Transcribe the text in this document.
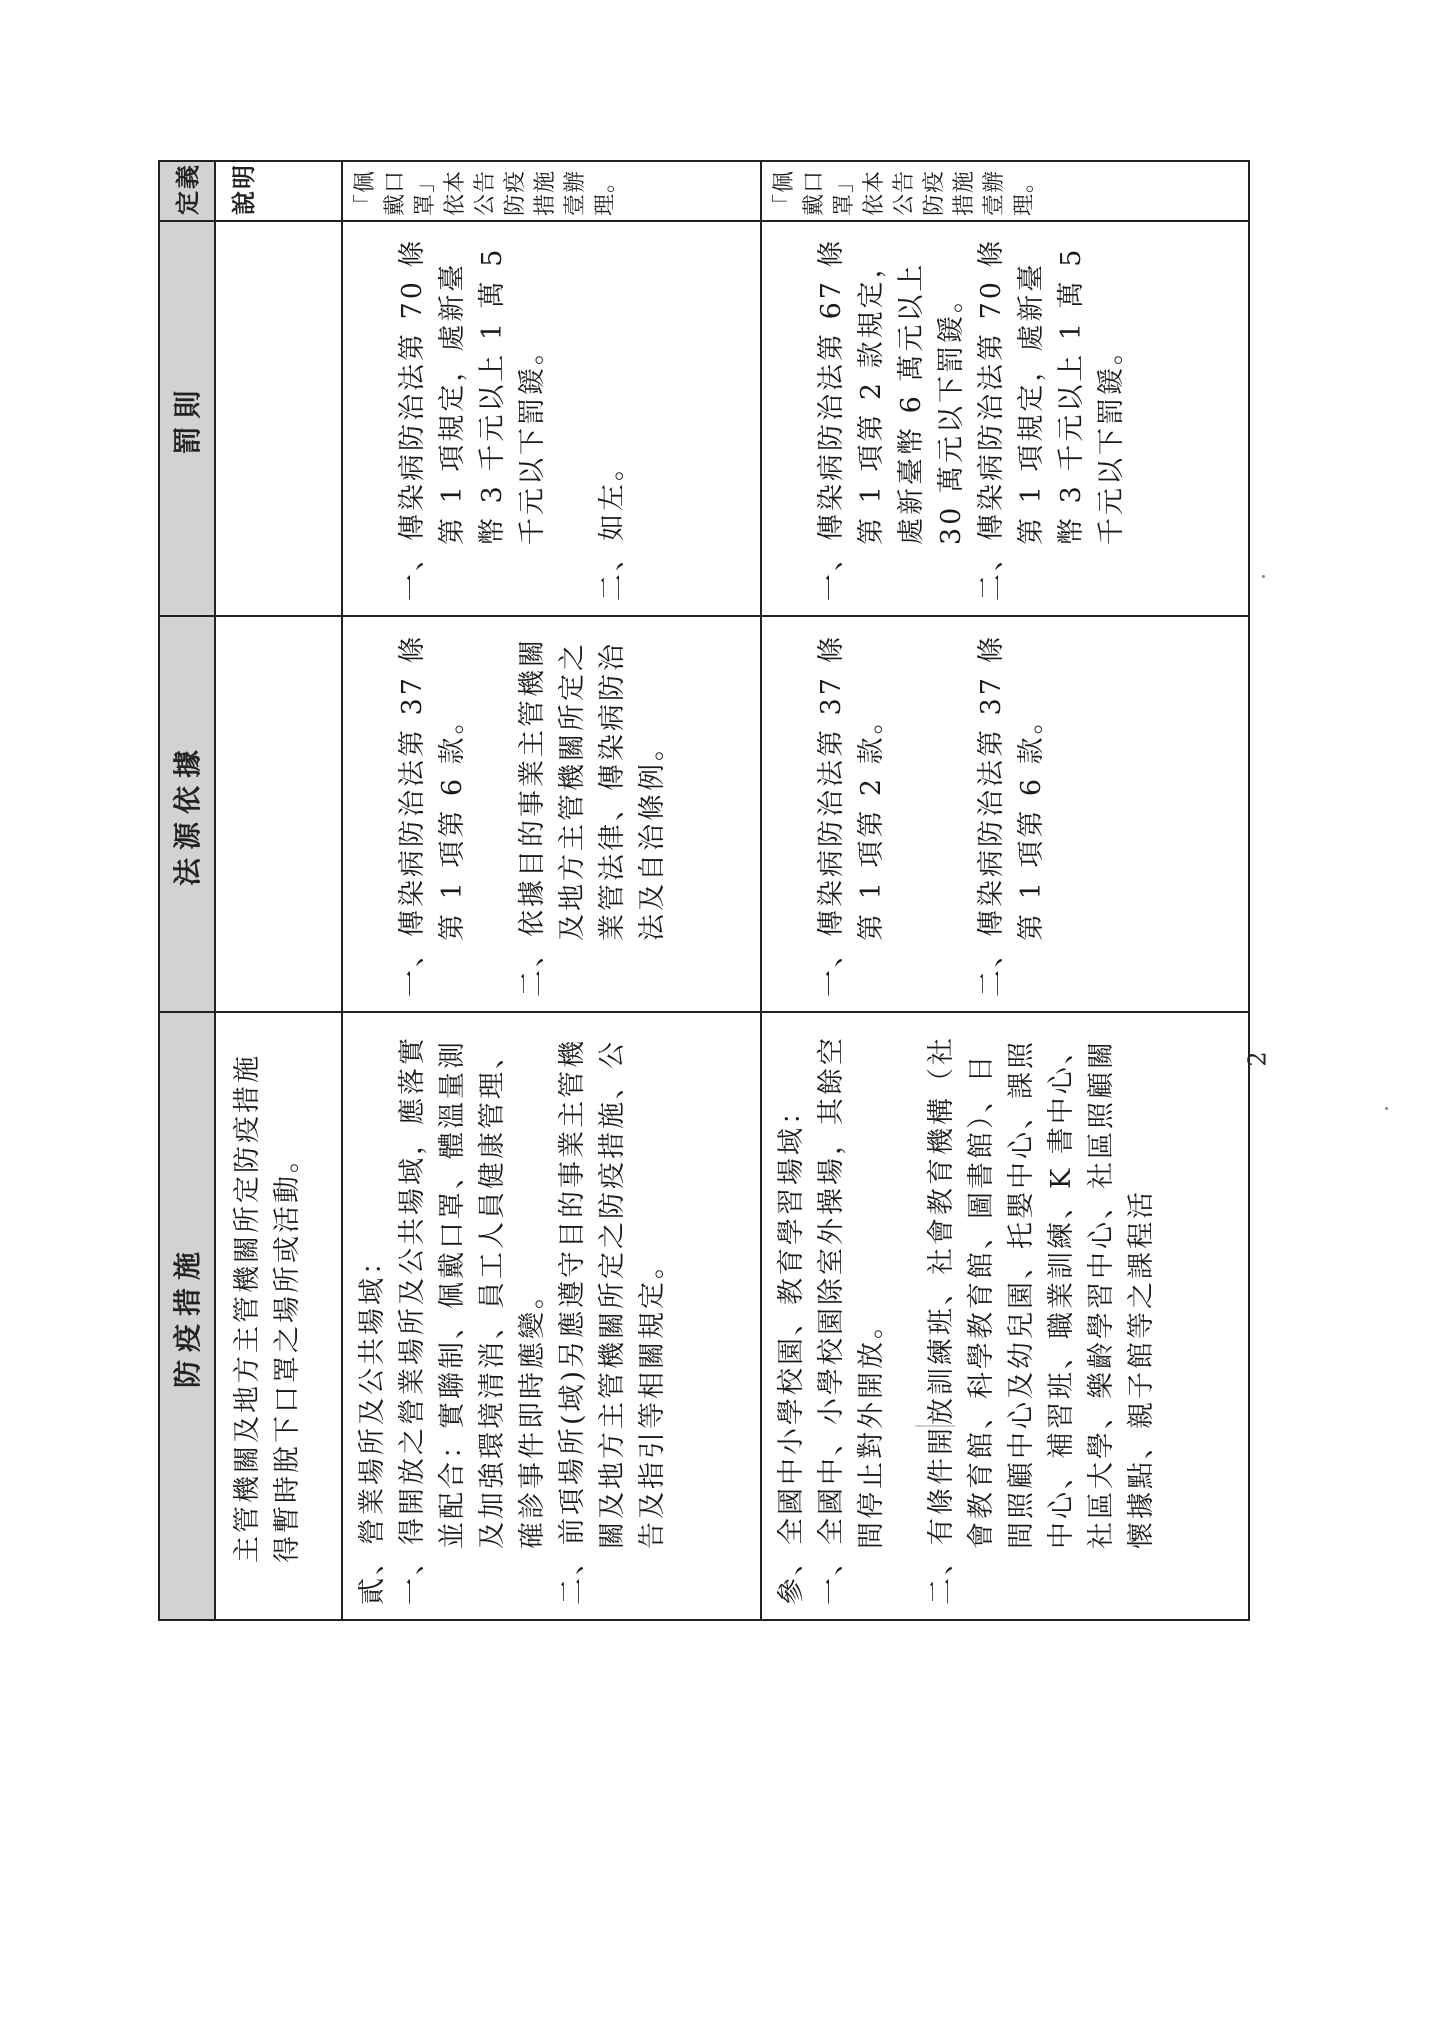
防疫措施
法源依據
罰則
定義說明
主管機關及地方主管機關所定防疫措施得暫時脫下口罩之場所或活動。	貳、營業場所及公共場域： 一、得開放之營業場所及公共場域，應落實並配合：實聯制、佩戴口罩、體溫量測及加強環境清消、員工人員健康管理、確診事件即時應變。 二、前項場所(域)另應遵守目的事業主管機關及地方主管機關所定之防疫措施、公告及指引等相關規定。
一、傳染病防治法第 37 條第 1 項第 6 款。 二、依據目的事業主管機關及地方主管機關所定之業管法律、傳染病防治法及自治條例。
一、傳染病防治法第 70 條第 1 項規定，處新臺幣 3 千元以上 1 萬 5 千元以下罰鍰。 二、如左。
「佩戴口罩」依本公告防疫措施壹辦理。
參、全國中小學校園、教育學習場域： 一、全國中、小學校園除室外操場，其餘空間停止對外開放。 二、有條件開放訓練班、社會教育機構（社會教育館、科學教育館、圖書館）、日間照顧中心及幼兒園、托嬰中心、課照中心、補習班、職業訓練、K 書中心、社區大學、樂齡學習中心、社區照顧關懷據點、親子館等之課程活
一、傳染病防治法第 37 條第 1 項第 2 款。	二、傳染病防治法第 37 條第 1 項第 6 款。
一、傳染病防治法第 67 條第 1 項第 2 款規定，處新臺幣 6 萬元以上 30 萬元以下罰鍰。 二、傳染病防治法第 70 條第 1 項規定，處新臺幣 3 千元以上 1 萬 5 千元以下罰鍰。
「佩戴口罩」依本公告防疫措施壹辦理。
2
